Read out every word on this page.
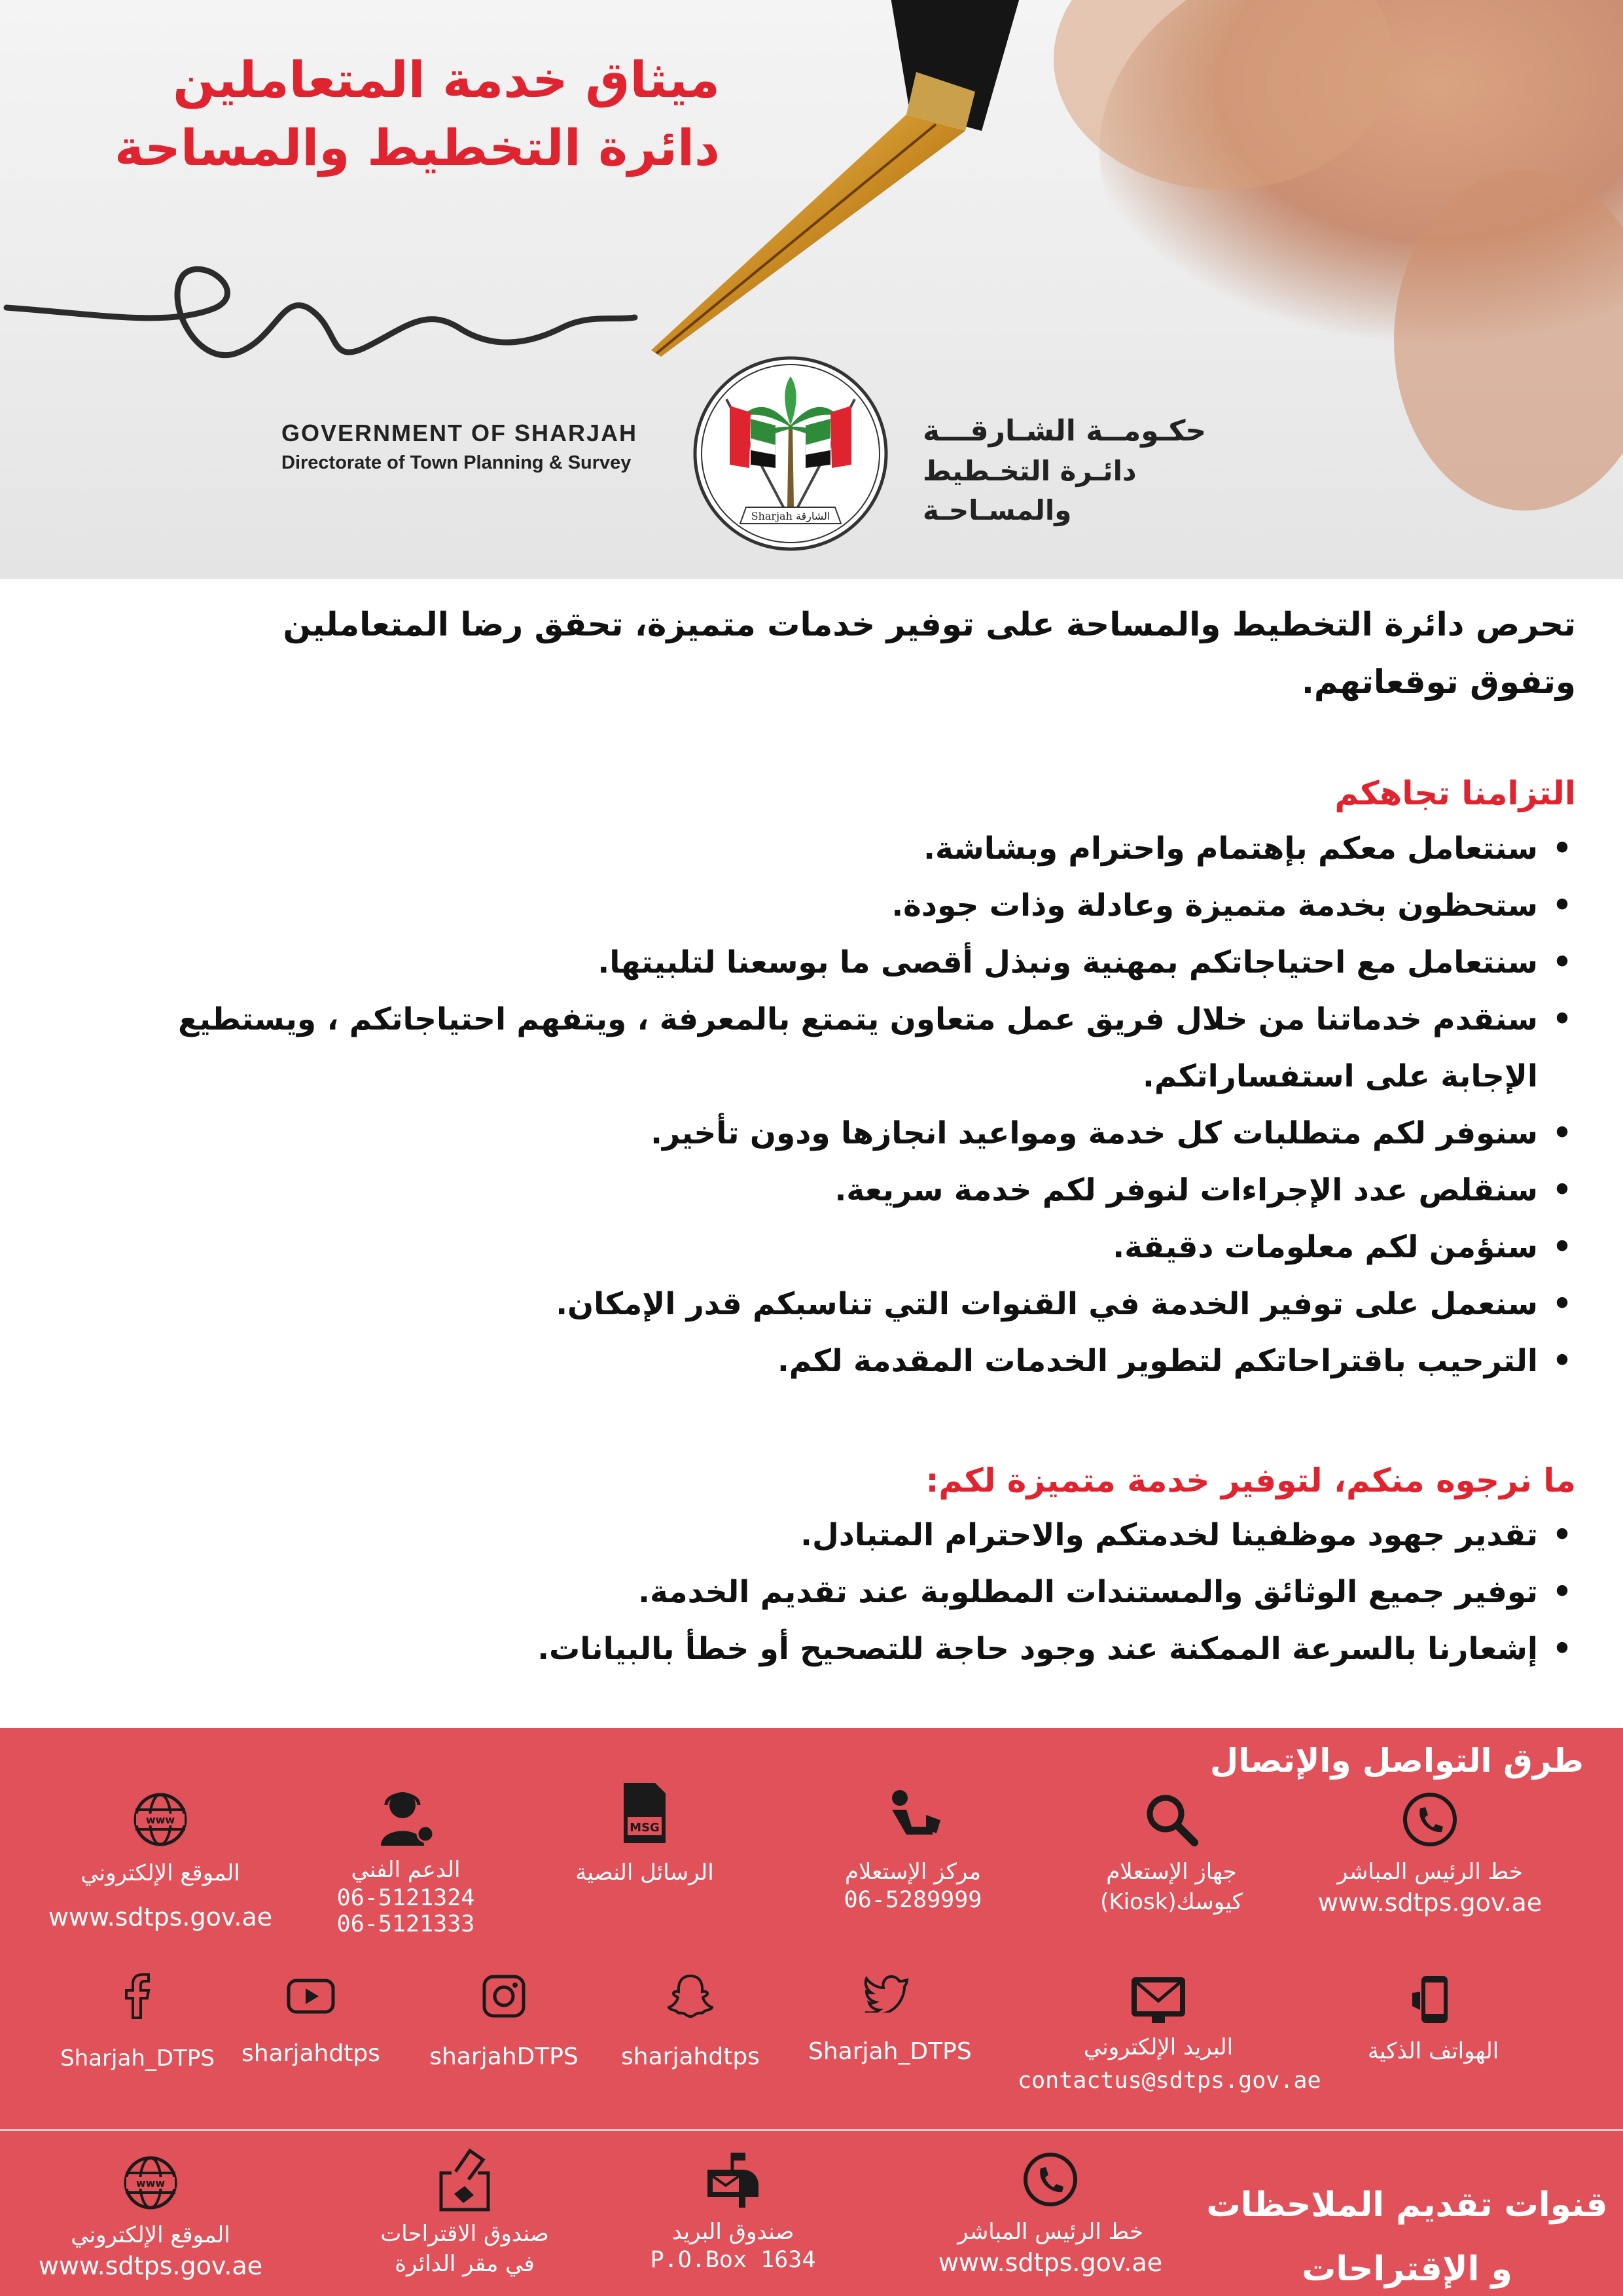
ميثاق خدمة المتعاملين
دائرة التخطيط والمساحة
GOVERNMENT OF SHARJAH
Directorate of Town Planning & Survey
Sharjah الشارقة
حكـومــة الشـارقـــة
دائـرة التخـطيط والمسـاحـة
تحرص دائرة التخطيط والمساحة على توفير خدمات متميزة، تحقق رضا المتعاملين
وتفوق توقعاتهم.
التزامنا تجاهكم
• سنتعامل معكم بإهتمام واحترام وبشاشة.
• ستحظون بخدمة متميزة وعادلة وذات جودة.
• سنتعامل مع احتياجاتكم بمهنية ونبذل أقصى ما بوسعنا لتلبيتها.
• سنقدم خدماتنا من خلال فريق عمل متعاون يتمتع بالمعرفة ، ويتفهم احتياجاتكم ، ويستطيع الإجابة على استفساراتكم.
• سنوفر لكم متطلبات كل خدمة ومواعيد انجازها ودون تأخير.
• سنقلص عدد الإجراءات لنوفر لكم خدمة سريعة.
• سنؤمن لكم معلومات دقيقة.
• سنعمل على توفير الخدمة في القنوات التي تناسبكم قدر الإمكان.
• الترحيب باقتراحاتكم لتطوير الخدمات المقدمة لكم.
ما نرجوه منكم، لتوفير خدمة متميزة لكم:
• تقدير جهود موظفينا لخدمتكم والاحترام المتبادل.
• توفير جميع الوثائق والمستندات المطلوبة عند تقديم الخدمة.
• إشعارنا بالسرعة الممكنة عند وجود حاجة للتصحيح أو خطأ بالبيانات.
طرق التواصل والإتصال
خط الرئيس المباشر
www.sdtps.gov.ae
جهاز الإستعلام
كيوسك(Kiosk)
مركز الإستعلام
06-5289999
MSG
الرسائل النصية
الدعم الفني
06-5121324
06-5121333
www
الموقع الإلكتروني
www.sdtps.gov.ae
الهواتف الذكية
البريد الإلكتروني
contactus@sdtps.gov.ae
Sharjah_DTPS
sharjahdtps
sharjahDTPS
sharjahdtps
Sharjah_DTPS
قنوات تقديم الملاحظات
و الإقتراحات
خط الرئيس المباشر
www.sdtps.gov.ae
صندوق البريد
P.O.Box 1634
صندوق الاقتراحات
في مقر الدائرة
www
الموقع الإلكتروني
www.sdtps.gov.ae
